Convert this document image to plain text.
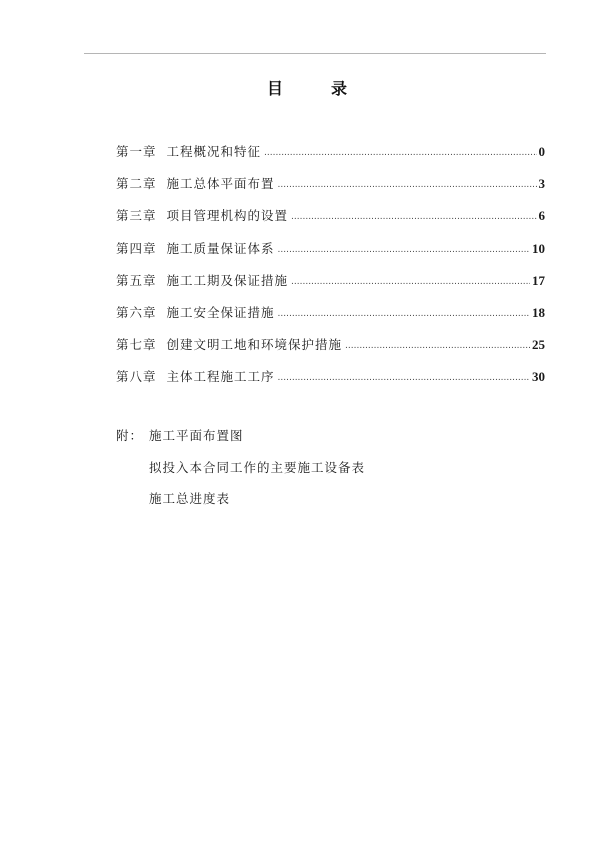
目　录
第一章 工程概况和特征 .....	0
第二章 施工总体平面布置 .....	3
第三章 项目管理机构的设置 .....	6
第四章 施工质量保证体系 .....	10
第五章 施工工期及保证措施 .....	17
第六章 施工安全保证措施 .....	18
第七章 创建文明工地和环境保护措施 .....	25
第八章 主体工程施工工序 .....	30
附： 施工平面布置图
拟投入本合同工作的主要施工设备表
施工总进度表
